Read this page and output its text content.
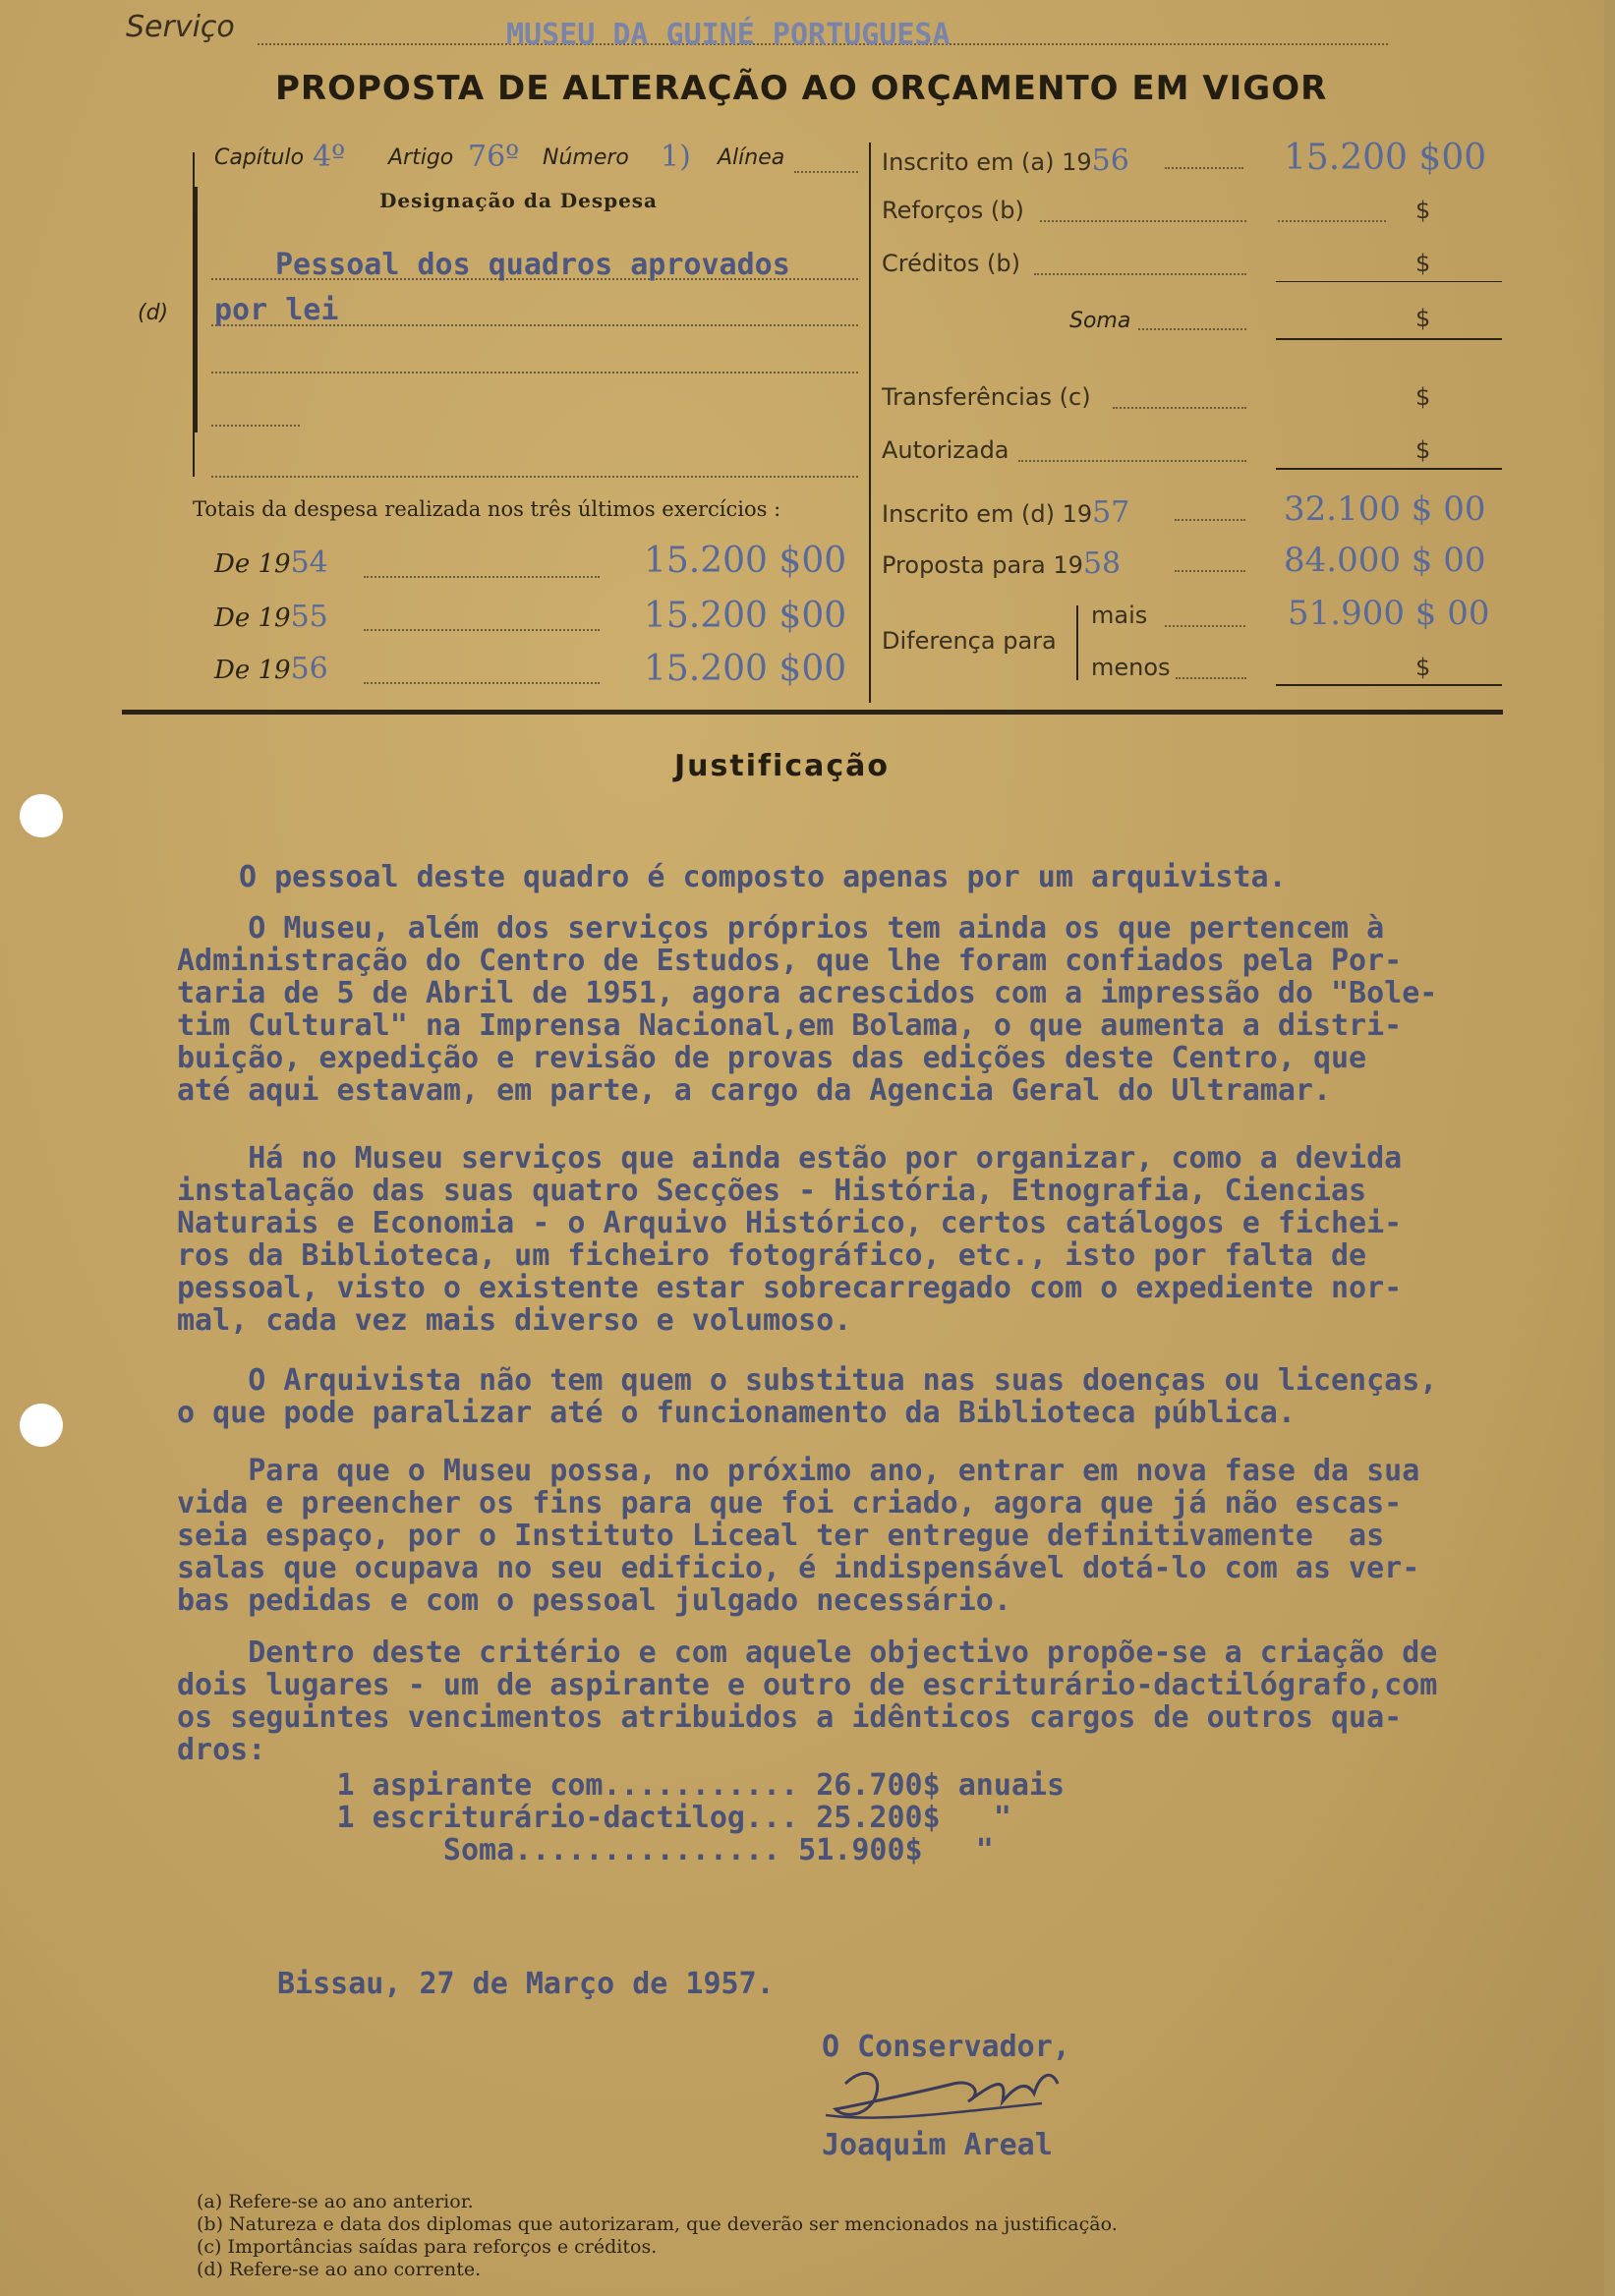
Serviço	MUSEU DA GUINÉ PORTUGUESA
PROPOSTA DE ALTERAÇÃO AO ORÇAMENTO EM VIGOR
Capítulo 4º Artigo 76º Número 1) Alínea
Designação da Despesa
Pessoal dos quadros aprovados
(d) por lei
Totais da despesa realizada nos três últimos exercícios :
De 1954	15.200 $00
De 1955	15.200 $00
De 1956	15.200 $00
Inscrito em (a) 1956	15.200 $00
Reforços (b)	$
Créditos (b)	$
Soma	$
Transferências (c)	$
Autorizada	$
Inscrito em (d) 1957	32.100 $ 00
Proposta para 1958	84.000 $ 00
Diferença para
mais	51.900 $ 00
menos	$
Justificação
O pessoal deste quadro é composto apenas por um arquivista.
O Museu, além dos serviços próprios tem ainda os que pertencem à
Administração do Centro de Estudos, que lhe foram confiados pela Por-
taria de 5 de Abril de 1951, agora acrescidos com a impressão do "Bole-
tim Cultural" na Imprensa Nacional,em Bolama, o que aumenta a distri-
buição, expedição e revisão de provas das edições deste Centro, que
até aqui estavam, em parte, a cargo da Agencia Geral do Ultramar.
Há no Museu serviços que ainda estão por organizar, como a devida
instalação das suas quatro Secções - História, Etnografia, Ciencias
Naturais e Economia - o Arquivo Histórico, certos catálogos e fichei-
ros da Biblioteca, um ficheiro fotográfico, etc., isto por falta de
pessoal, visto o existente estar sobrecarregado com o expediente nor-
mal, cada vez mais diverso e volumoso.
O Arquivista não tem quem o substitua nas suas doenças ou licenças,
o que pode paralizar até o funcionamento da Biblioteca pública.
Para que o Museu possa, no próximo ano, entrar em nova fase da sua
vida e preencher os fins para que foi criado, agora que já não escas-
seia espaço, por o Instituto Liceal ter entregue definitivamente  as
salas que ocupava no seu edificio, é indispensável dotá-lo com as ver-
bas pedidas e com o pessoal julgado necessário.
Dentro deste critério e com aquele objectivo propõe-se a criação de
dois lugares - um de aspirante e outro de escriturário-dactilógrafo,com
os seguintes vencimentos atribuidos a idênticos cargos de outros qua-
dros:
1 aspirante com........... 26.700$ anuais
1 escriturário-dactilog... 25.200$   "
Soma............... 51.900$   "
Bissau, 27 de Março de 1957.
O Conservador,
Joaquim Areal
(a) Refere-se ao ano anterior.
(b) Natureza e data dos diplomas que autorizaram, que deverão ser mencionados na justificação.
(c) Importâncias saídas para reforços e créditos.
(d) Refere-se ao ano corrente.
